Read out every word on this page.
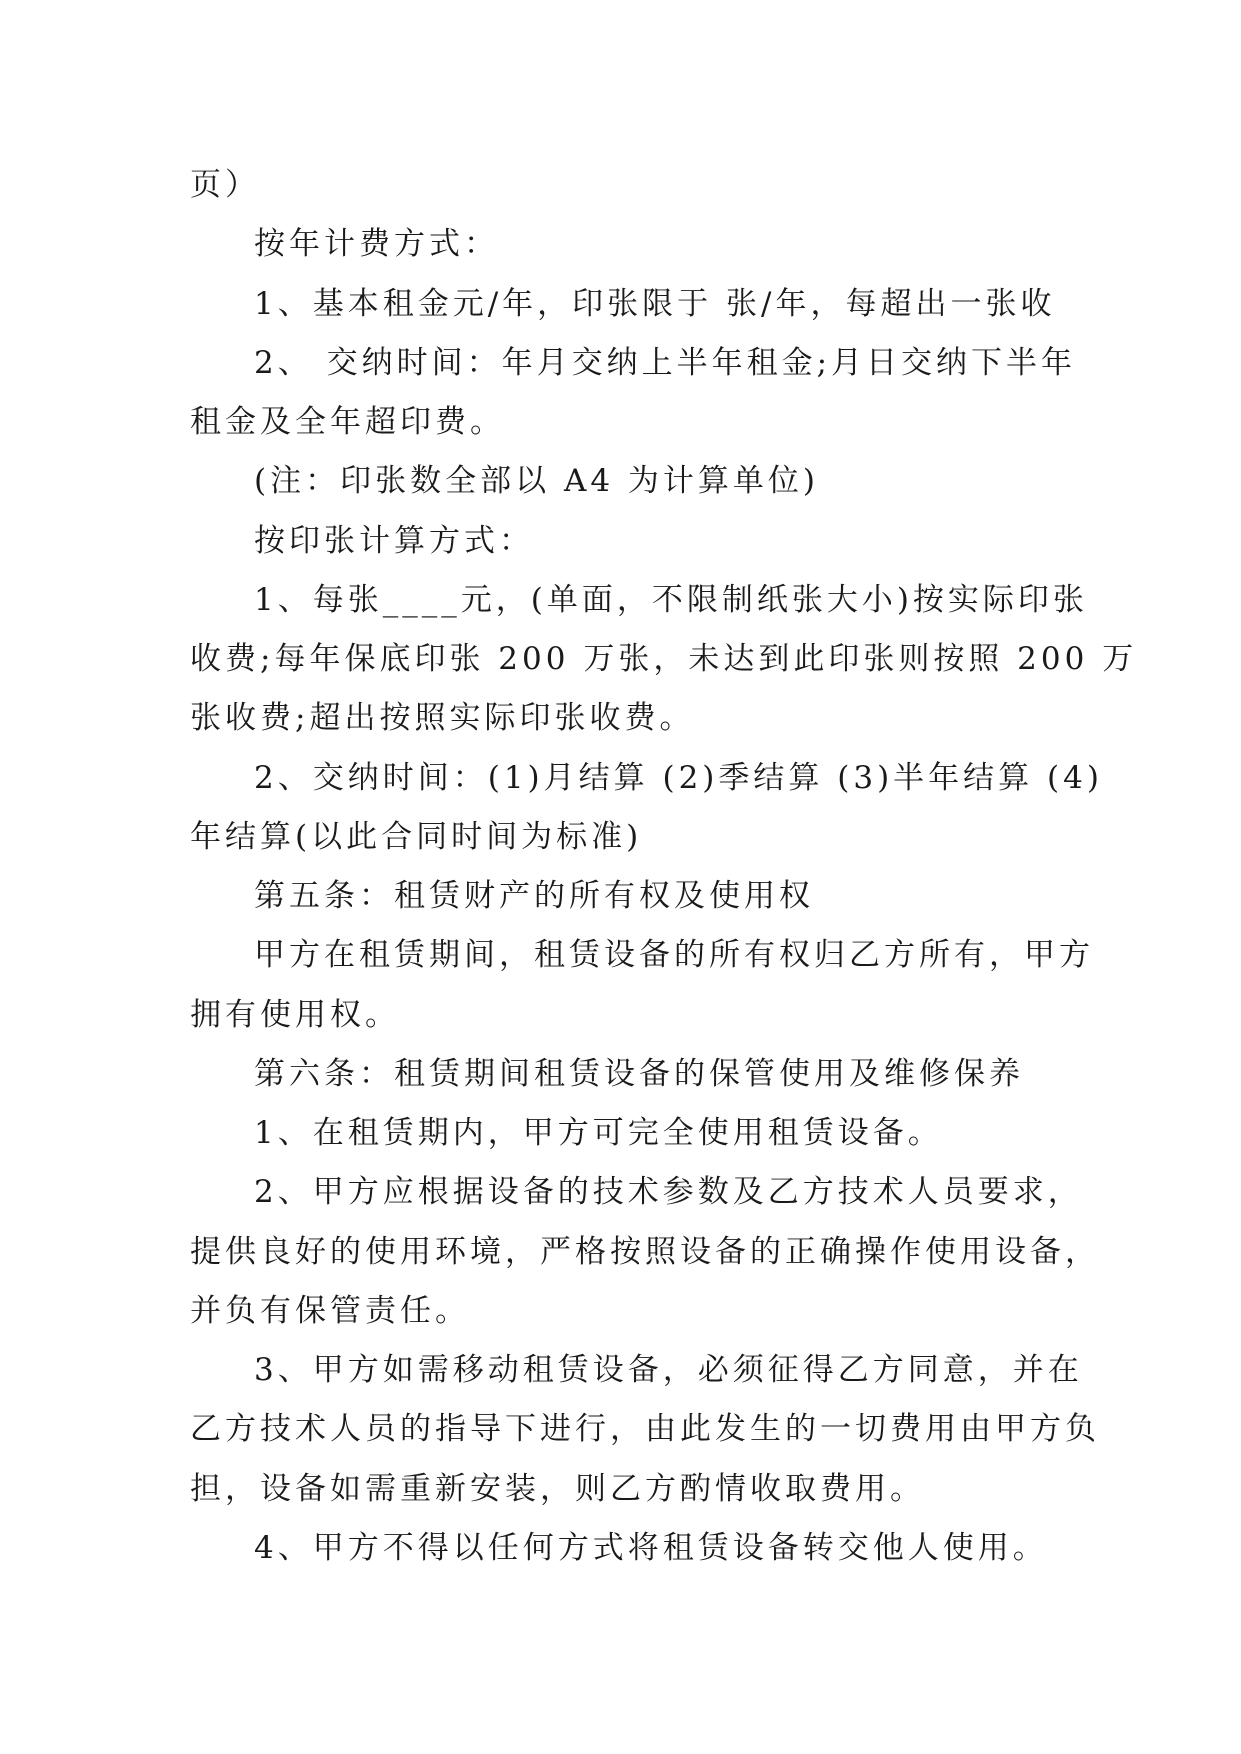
页）
按年计费方式：
1、基本租金元/年，印张限于 张/年，每超出一张收
2、 交纳时间：年月交纳上半年租金;月日交纳下半年
租金及全年超印费。
(注：印张数全部以 A4 为计算单位)
按印张计算方式：
1、每张____元，(单面，不限制纸张大小)按实际印张
收费;每年保底印张 200 万张，未达到此印张则按照 200 万
张收费;超出按照实际印张收费。
2、交纳时间：(1)月结算 (2)季结算 (3)半年结算 (4)
年结算(以此合同时间为标准)
第五条：租赁财产的所有权及使用权
甲方在租赁期间，租赁设备的所有权归乙方所有，甲方
拥有使用权。
第六条：租赁期间租赁设备的保管使用及维修保养
1、在租赁期内，甲方可完全使用租赁设备。
2、甲方应根据设备的技术参数及乙方技术人员要求，
提供良好的使用环境，严格按照设备的正确操作使用设备，
并负有保管责任。
3、甲方如需移动租赁设备，必须征得乙方同意，并在
乙方技术人员的指导下进行，由此发生的一切费用由甲方负
担，设备如需重新安装，则乙方酌情收取费用。
4、甲方不得以任何方式将租赁设备转交他人使用。
